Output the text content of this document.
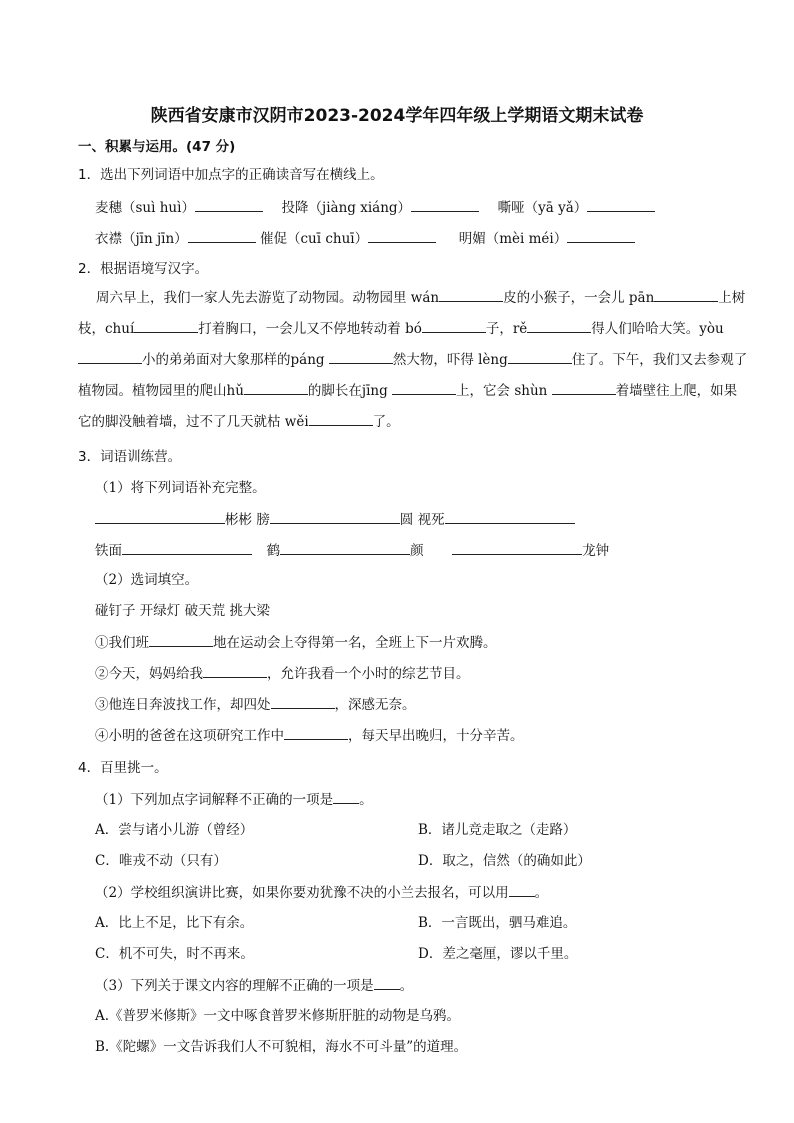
陕西省安康市汉阴市2023-2024学年四年级上学期语文期末试卷
一、积累与运用。(47 分)
1．选出下列词语中加点字的正确读音写在横线上。
麦穗（suì huì）	投降（jiàng xiáng）	嘶哑（yā yǎ）
衣襟（jīn jīn）	催促（cuī chuī）	明媚（mèi méi）
2．根据语境写汉字。
周六早上，我们一家人先去游览了动物园。动物园里 wán	皮的小猴子，一会儿 pān	上树枝，chuí	打着胸口，一会儿又不停地转动着 bó	子，rě	得人们哈哈大笑。yòu 小的弟弟面对大象那样的páng	然大物，吓得 lèng	住了。下午，我们又去参观了植物园。植物园里的爬山hǔ	的脚长在jīng	上，它会 shùn	着墙壁往上爬，如果它的脚没触着墙，过不了几天就枯 wěi	了。
3．词语训练营。
（1）将下列词语补充完整。
彬彬 膀	圆 视死
铁面	鹤	颜	龙钟
（2）选词填空。
碰钉子 开绿灯 破天荒 挑大梁
①我们班	地在运动会上夺得第一名，全班上下一片欢腾。
②今天，妈妈给我	，允许我看一个小时的综艺节目。
③他连日奔波找工作，却四处	，深感无奈。
④小明的爸爸在这项研究工作中	，每天早出晚归，十分辛苦。
4．百里挑一。
（1）下列加点字词解释不正确的一项是 。
A．尝与诸小儿游（曾经）	B．诸儿竞走取之（走路）
C．唯戎不动（只有）	D．取之，信然（的确如此）
（2）学校组织演讲比赛，如果你要劝犹豫不决的小兰去报名，可以用 。
A．比上不足，比下有余。	B．一言既出，驷马难追。
C．机不可失，时不再来。	D．差之毫厘，谬以千里。
（3）下列关于课文内容的理解不正确的一项是 。
A.《普罗米修斯》一文中啄食普罗米修斯肝脏的动物是乌鸦。
B.《陀螺》一文告诉我们人不可貌相，海水不可斗量”的道理。
